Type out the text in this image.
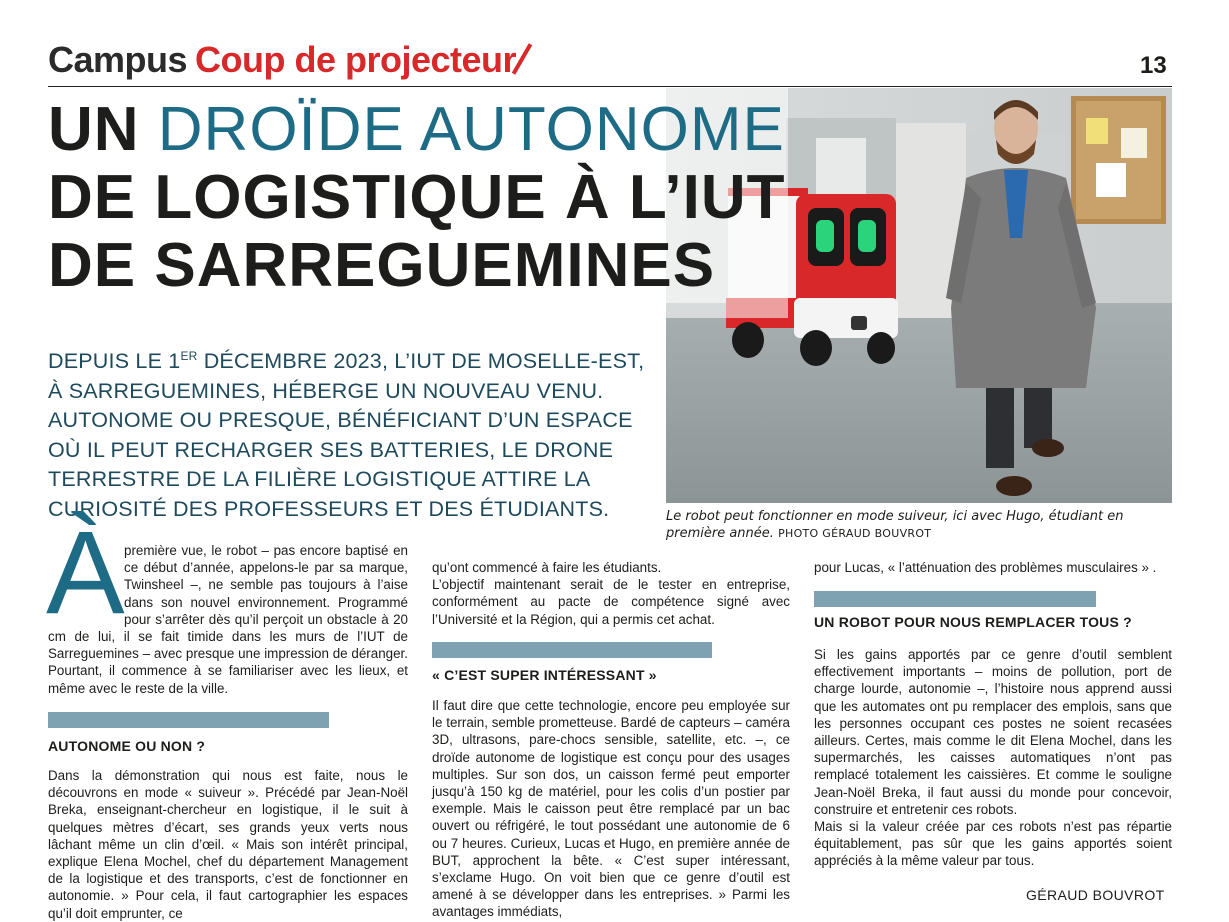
Campus Coup de projecteur	13
UN DROÏDE AUTONOME
DE LOGISTIQUE À L’IUT
DE SARREGUEMINES
DEPUIS LE 1ER DÉCEMBRE 2023, L’IUT DE MOSELLE-EST, À SARREGUEMINES, HÉBERGE UN NOUVEAU VENU. AUTONOME OU PRESQUE, BÉNÉFICIANT D’UN ESPACE OÙ IL PEUT RECHARGER SES BATTERIES, LE DRONE TERRESTRE DE LA FILIÈRE LOGISTIQUE ATTIRE LA CURIOSITÉ DES PROFESSEURS ET DES ÉTUDIANTS.	Le robot peut fonctionner en mode suiveur, ici avec Hugo, étudiant en première année. PHOTO GÉRAUD BOUVROT
À première vue, le robot – pas encore baptisé en ce début d’année, appelons-le par sa marque, Twinsheel –, ne semble pas toujours à l’aise dans son nouvel environnement. Programmé pour s’arrêter dès qu’il perçoit un obstacle à 20 cm de lui, il se fait timide dans les murs de l’IUT de Sarreguemines – avec presque une impression de déranger. Pourtant, il commence à se familiariser avec les lieux, et même avec le reste de la ville.

AUTONOME OU NON ?

Dans la démonstration qui nous est faite, nous le découvrons en mode « suiveur ». Précédé par Jean-Noël Breka, enseignant-chercheur en logistique, il le suit à quelques mètres d’écart, ses grands yeux verts nous lâchant même un clin d’œil. « Mais son intérêt principal, explique Elena Mochel, chef du département Management de la logistique et des transports, c’est de fonctionner en autonomie. » Pour cela, il faut cartographier les espaces qu’il doit emprunter, ce

qu’ont commencé à faire les étudiants.

L’objectif maintenant serait de le tester en entreprise, conformément au pacte de compétence signé avec l’Université et la Région, qui a permis cet achat.

« C’EST SUPER INTÉRESSANT »

Il faut dire que cette technologie, encore peu employée sur le terrain, semble prometteuse. Bardé de capteurs – caméra 3D, ultrasons, pare-chocs sensible, satellite, etc. –, ce droïde autonome de logistique est conçu pour des usages multiples. Sur son dos, un caisson fermé peut emporter jusqu’à 150 kg de matériel, pour les colis d’un postier par exemple. Mais le caisson peut être remplacé par un bac ouvert ou réfrigéré, le tout possédant une autonomie de 6 ou 7 heures. Curieux, Lucas et Hugo, en première année de BUT, approchent la bête. « C’est super intéressant, s’exclame Hugo. On voit bien que ce genre d’outil est amené à se développer dans les entreprises. » Parmi les avantages immédiats,

pour Lucas, « l’atténuation des problèmes musculaires » .

UN ROBOT POUR NOUS REMPLACER TOUS ?

Si les gains apportés par ce genre d’outil semblent effectivement importants – moins de pollution, port de charge lourde, autonomie –, l’histoire nous apprend aussi que les automates ont pu remplacer des emplois, sans que les personnes occupant ces postes ne soient recasées ailleurs. Certes, mais comme le dit Elena Mochel, dans les supermarchés, les caisses automatiques n’ont pas remplacé totalement les caissières. Et comme le souligne Jean-Noël Breka, il faut aussi du monde pour concevoir, construire et entretenir ces robots.

Mais si la valeur créée par ces robots n’est pas répartie équitablement, pas sûr que les gains apportés soient appréciés à la même valeur par tous.

GÉRAUD BOUVROT
